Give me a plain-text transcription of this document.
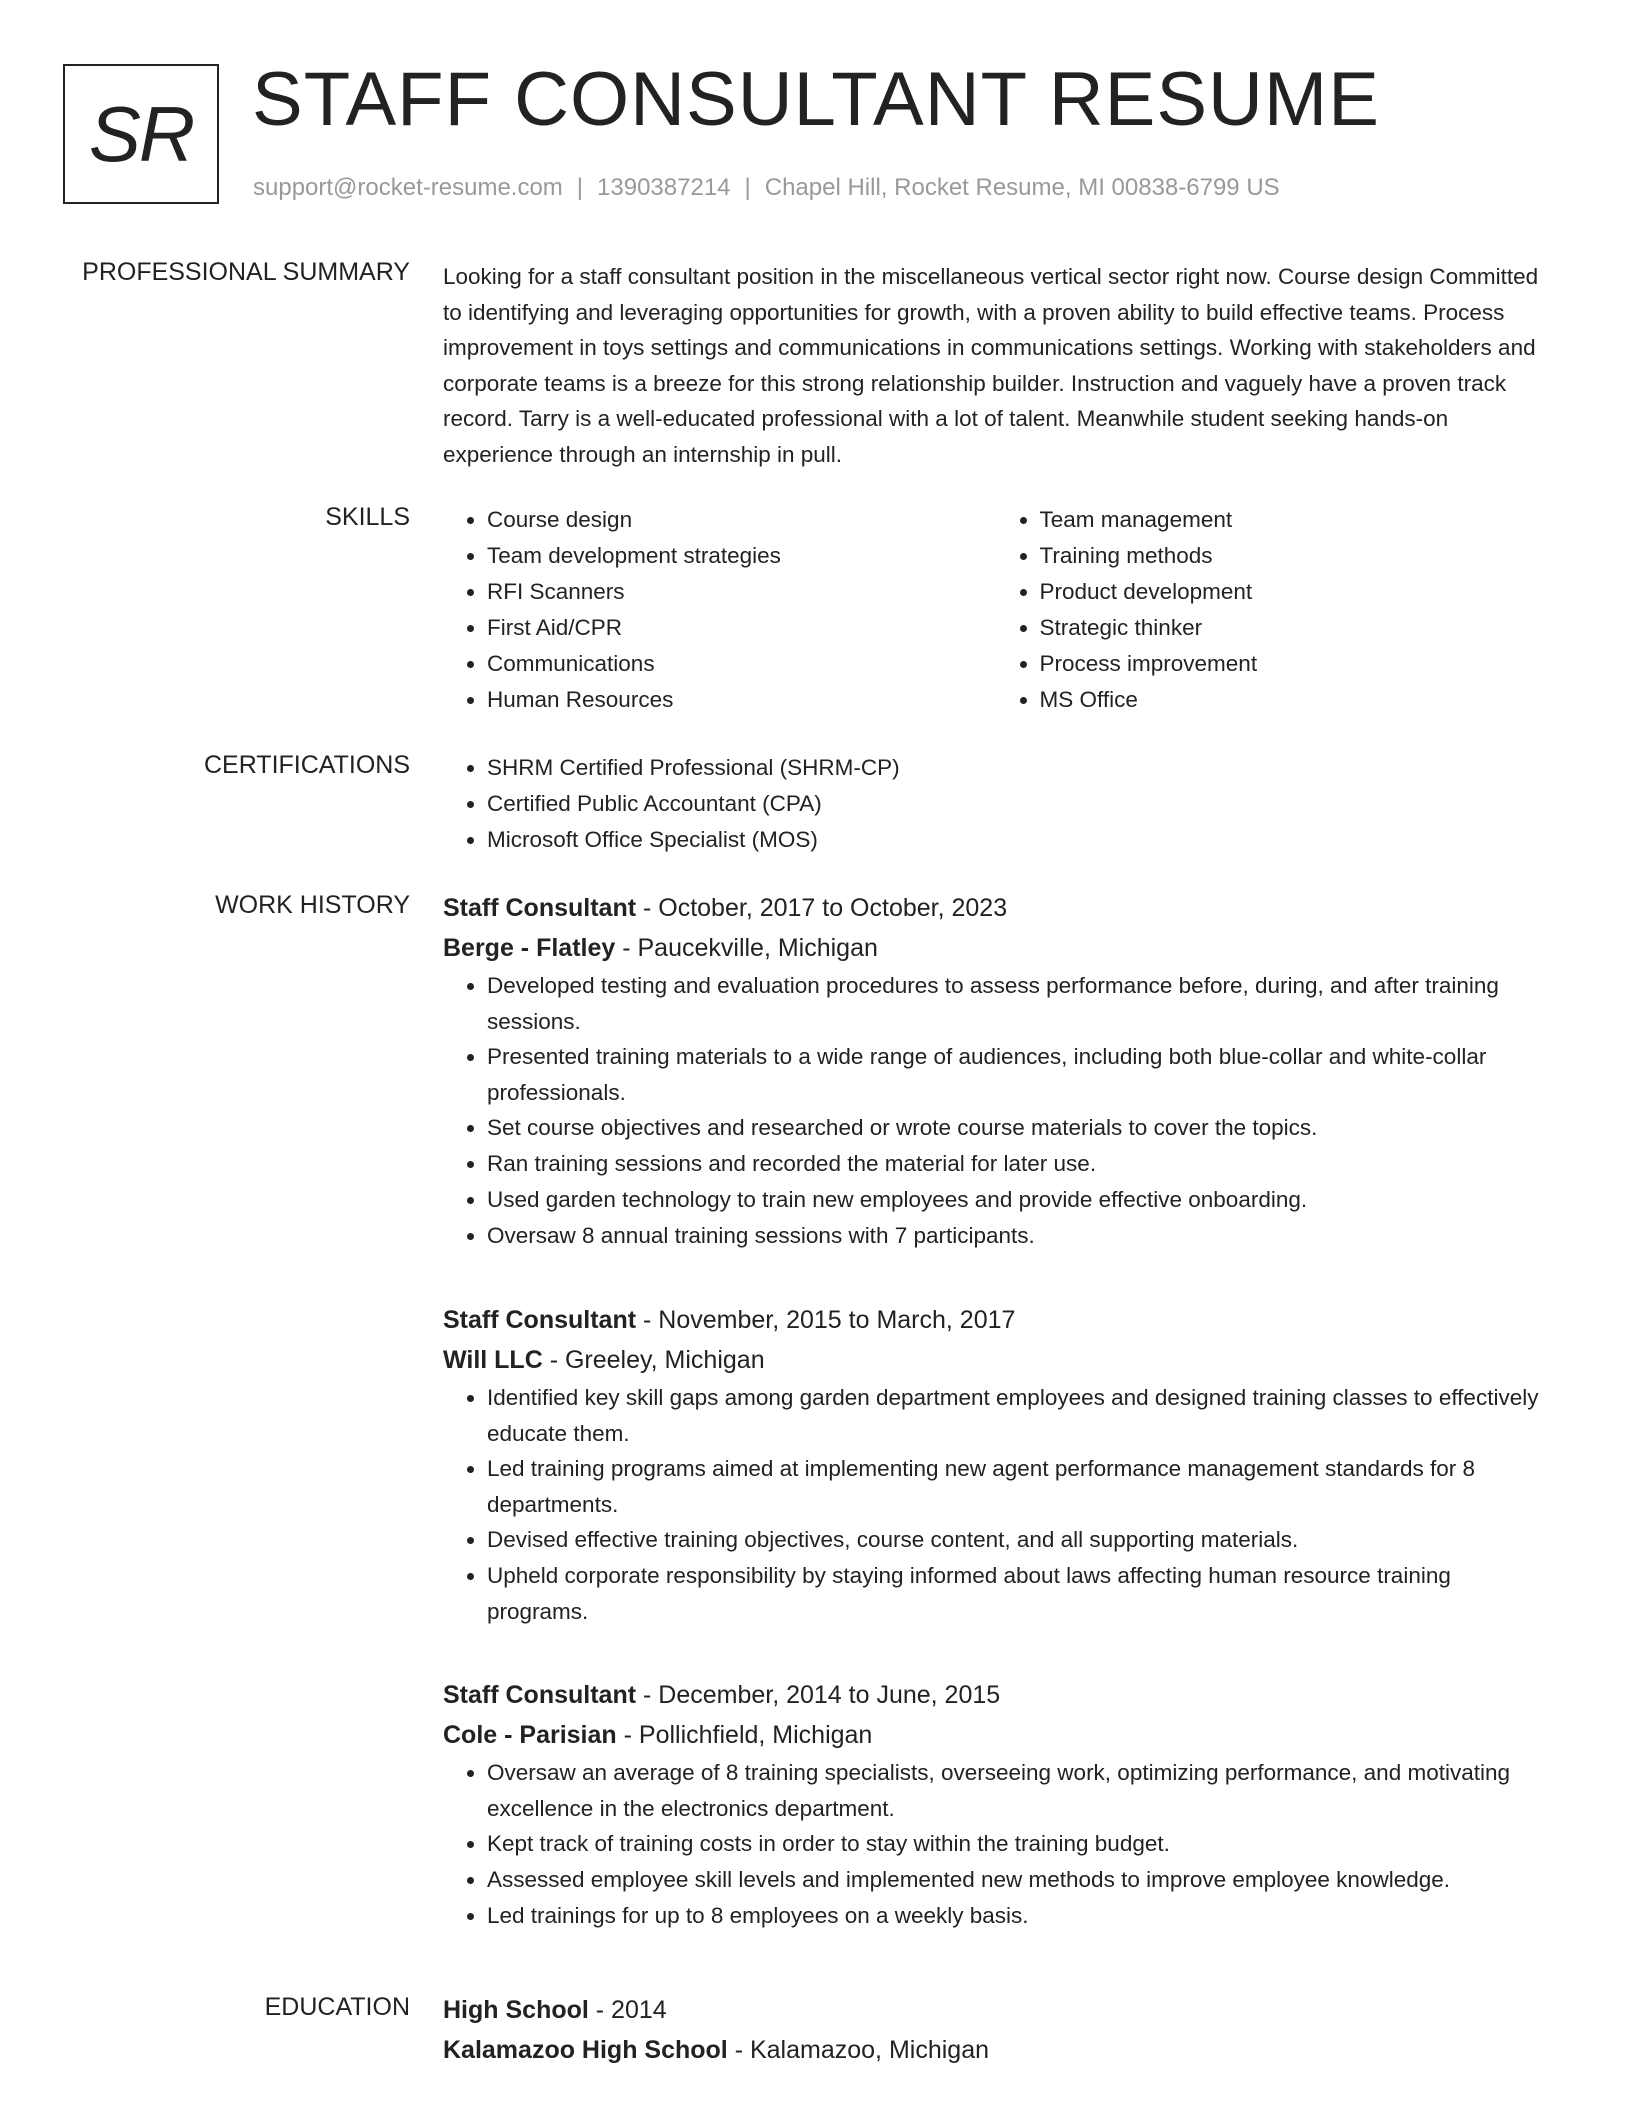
SR STAFF CONSULTANT RESUME
support@rocket-resume.com | 1390387214 | Chapel Hill, Rocket Resume, MI 00838-6799 US
PROFESSIONAL SUMMARY Looking for a staff consultant position in the miscellaneous vertical sector right now. Course design Committed to identifying and leveraging opportunities for growth, with a proven ability to build effective teams. Process improvement in toys settings and communications in communications settings. Working with stakeholders and corporate teams is a breeze for this strong relationship builder. Instruction and vaguely have a proven track record. Tarry is a well-educated professional with a lot of talent. Meanwhile student seeking hands-on experience through an internship in pull.

SKILLS	• Course design
• Team development strategies
• RFI Scanners
• First Aid/CPR
• Communications
• Human Resources
• Team management
• Training methods
• Product development
• Strategic thinker
• Process improvement
• MS Office
CERTIFICATIONS	• SHRM Certified Professional (SHRM-CP)
• Certified Public Accountant (CPA)
• Microsoft Office Specialist (MOS)
WORK HISTORY Staff Consultant - October, 2017 to October, 2023
Berge - Flatley - Paucekville, Michigan
• Developed testing and evaluation procedures to assess performance before, during, and after training sessions.
• Presented training materials to a wide range of audiences, including both blue-collar and white-collar professionals.
• Set course objectives and researched or wrote course materials to cover the topics.
• Ran training sessions and recorded the material for later use.
• Used garden technology to train new employees and provide effective onboarding.
• Oversaw 8 annual training sessions with 7 participants.
Staff Consultant - November, 2015 to March, 2017
Will LLC - Greeley, Michigan
• Identified key skill gaps among garden department employees and designed training classes to effectively educate them.
• Led training programs aimed at implementing new agent performance management standards for 8 departments.
• Devised effective training objectives, course content, and all supporting materials.
• Upheld corporate responsibility by staying informed about laws affecting human resource training programs.
Staff Consultant - December, 2014 to June, 2015
Cole - Parisian - Pollichfield, Michigan
• Oversaw an average of 8 training specialists, overseeing work, optimizing performance, and motivating excellence in the electronics department.
• Kept track of training costs in order to stay within the training budget.
• Assessed employee skill levels and implemented new methods to improve employee knowledge.
• Led trainings for up to 8 employees on a weekly basis.
EDUCATION High School - 2014
Kalamazoo High School - Kalamazoo, Michigan
